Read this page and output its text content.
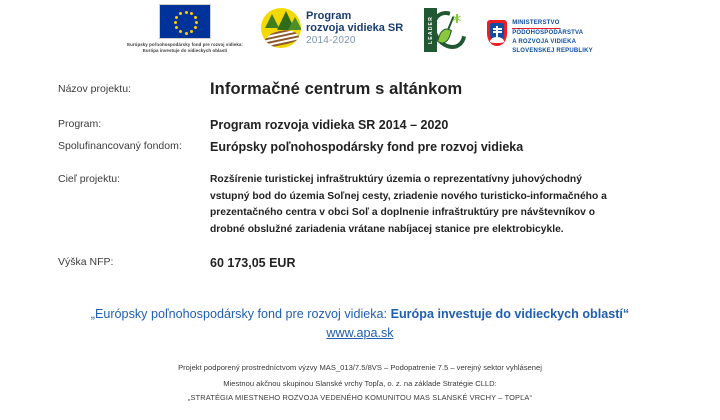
Európsky poľnohospodársky fond pre rozvoj vidieka:
Európa investuje do vidieckych oblastí
Program
rozvoja vidieka SR
2014-2020	LEADER	MINISTERSTVO
PÔDOHOSPODÁRSTVA
A ROZVOJA VIDIEKA
SLOVENSKEJ REPUBLIKY
Názov projektu:	Informačné centrum s altánkom
Program:	Program rozvoja vidieka SR 2014 – 2020
Spolufinancovaný fondom:	Európsky poľnohospodársky fond pre rozvoj vidieka
Cieľ projektu:	Rozšírenie turistickej infraštruktúry územia o reprezentatívny juhovýchodný vstupný bod do územia Soľnej cesty, zriadenie nového turisticko-informačného a prezentačného centra v obci Soľ a doplnenie infraštruktúry pre návštevníkov o drobné obslužné zariadenia vrátane nabíjacej stanice pre elektrobicykle.
Výška NFP:	60 173,05 EUR
„Európsky poľnohospodársky fond pre rozvoj vidieka: Európa investuje do vidieckych oblastí“
www.apa.sk
Projekt podporený prostredníctvom výzvy MAS_013/7.5/8VS – Podopatrenie 7.5 – verejný sektor vyhlásenej
Miestnou akčnou skupinou Slanské vrchy Topľa, o. z. na základe Stratégie CLLD:
„STRATÉGIA MIESTNEHO ROZVOJA VEDENÉHO KOMUNITOU MAS SLANSKÉ VRCHY – TOPĽA“
